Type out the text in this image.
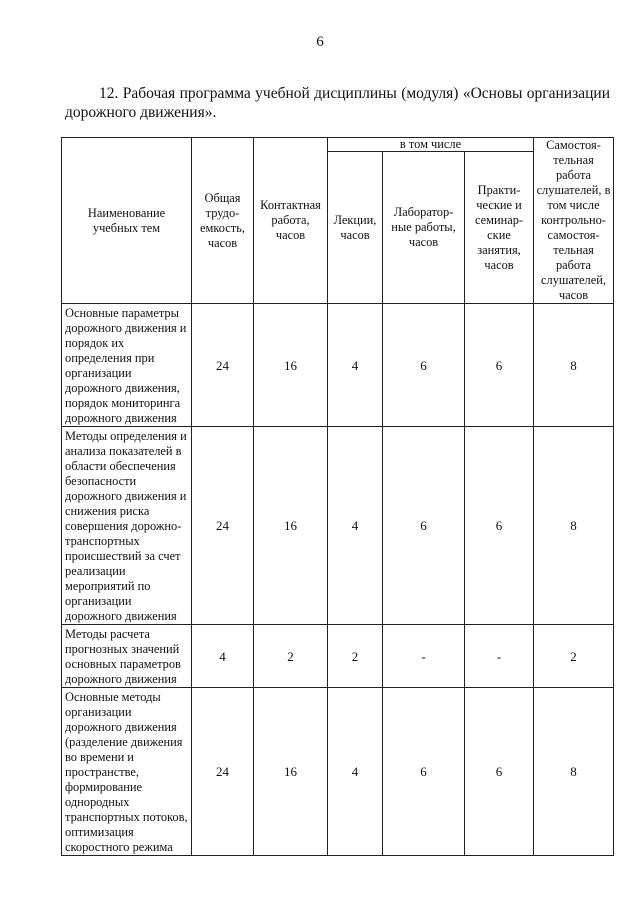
6
12. Рабочая программа учебной дисциплины (модуля) «Основы организации дорожного движения».
Наименование учебных тем	Общая трудо-емкость, часов	Контактная работа, часов	в том числе			Самостоя-тельная работа слушателей, в том числе контрольно-самостоя-тельная работа слушателей, часов
			Лекции, часов	Лаборатор-ные работы, часов	Практи-ческие и семинар-ские занятия, часов	
Основные параметры дорожного движения и порядок их определения при организации дорожного движения, порядок мониторинга дорожного движения	24	16	4	6	6	8
Методы определения и анализа показателей в области обеспечения безопасности дорожного движения и снижения риска совершения дорожно-транспортных происшествий за счет реализации мероприятий по организации дорожного движения	24	16	4	6	6	8
Методы расчета прогнозных значений основных параметров дорожного движения	4	2	2	-	-	2
Основные методы организации дорожного движения (разделение движения во времени и пространстве, формирование однородных транспортных потоков, оптимизация скоростного режима	24	16	4	6	6	8
